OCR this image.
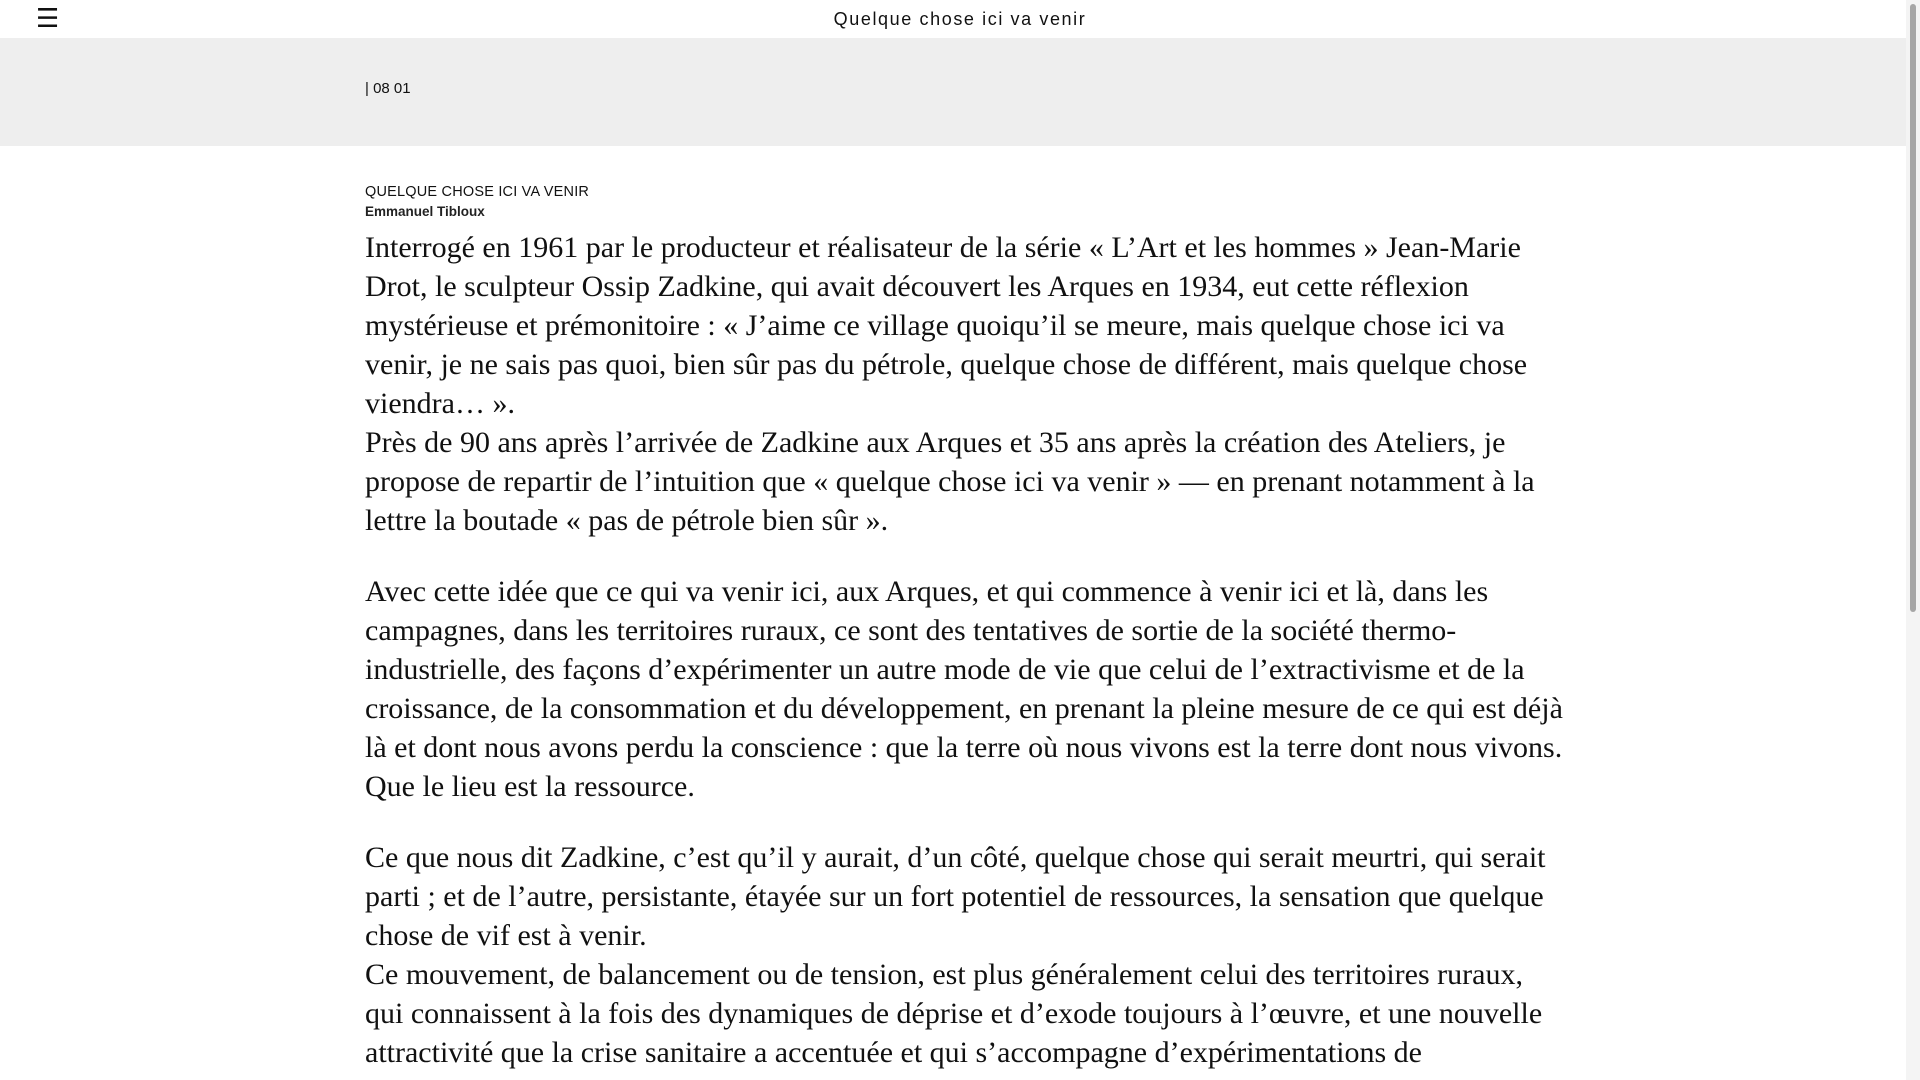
☰	Quelque chose ici va venir
| 08 01
QUELQUE CHOSE ICI VA VENIR
Emmanuel Tibloux

Interrogé en 1961 par le producteur et réalisateur de la série « L’Art et les hommes » Jean-Marie Drot, le sculpteur Ossip Zadkine, qui avait découvert les Arques en 1934, eut cette réflexion mystérieuse et prémonitoire : « J’aime ce village quoiqu’il se meure, mais quelque chose ici va venir, je ne sais pas quoi, bien sûr pas du pétrole, quelque chose de différent, mais quelque chose viendra… ».

Près de 90 ans après l’arrivée de Zadkine aux Arques et 35 ans après la création des Ateliers, je propose de repartir de l’intuition que « quelque chose ici va venir » — en prenant notamment à la lettre la boutade « pas de pétrole bien sûr ».

Avec cette idée que ce qui va venir ici, aux Arques, et qui commence à venir ici et là, dans les campagnes, dans les territoires ruraux, ce sont des tentatives de sortie de la société thermo-industrielle, des façons d’expérimenter un autre mode de vie que celui de l’extractivisme et de la croissance, de la consommation et du développement, en prenant la pleine mesure de ce qui est déjà là et dont nous avons perdu la conscience : que la terre où nous vivons est la terre dont nous vivons. Que le lieu est la ressource.

Ce que nous dit Zadkine, c’est qu’il y aurait, d’un côté, quelque chose qui serait meurtri, qui serait parti ; et de l’autre, persistante, étayée sur un fort potentiel de ressources, la sensation que quelque chose de vif est à venir.

Ce mouvement, de balancement ou de tension, est plus généralement celui des territoires ruraux, qui connaissent à la fois des dynamiques de déprise et d’exode toujours à l’œuvre, et une nouvelle attractivité que la crise sanitaire a accentuée et qui s’accompagne d’expérimentations de
